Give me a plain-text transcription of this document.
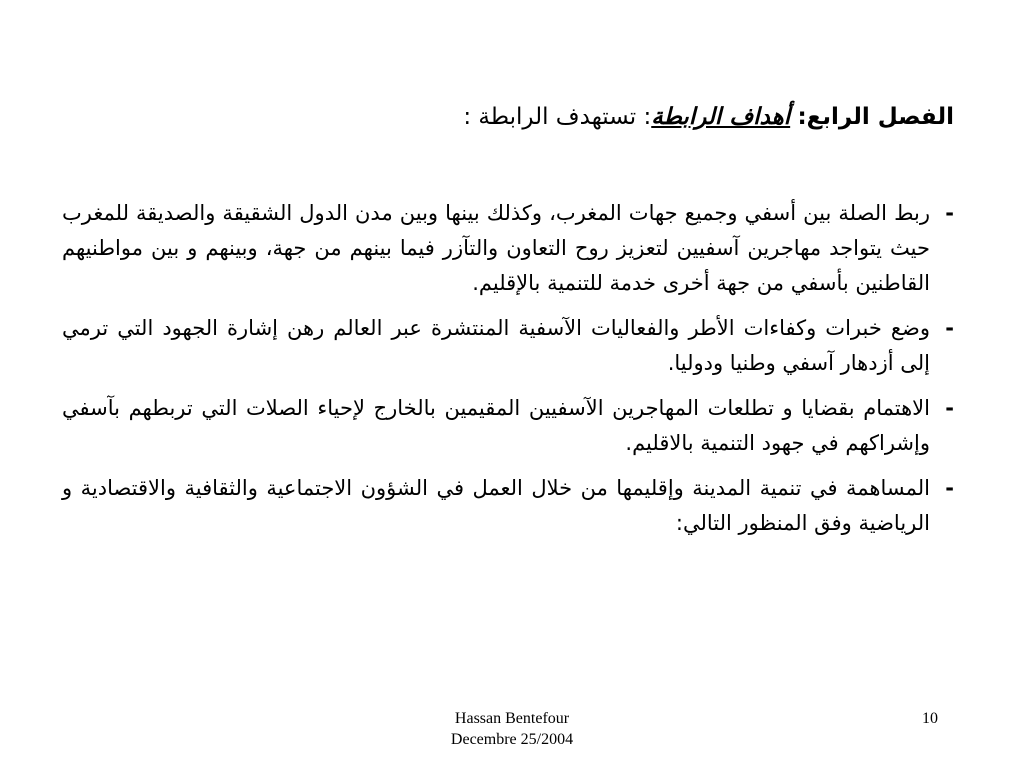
الفصل الرابع: أهداف الرابطة: تستهدف الرابطة :
-
ربط الصلة بين أسفي وجميع جهات المغرب، وكذلك بينها وبين مدن الدول الشقيقة والصديقة للمغرب حيث يتواجد مهاجرين آسفيين لتعزيز روح التعاون والتآزر فيما بينهم من جهة، وبينهم و بين مواطنيهم القاطنين بأسفي من جهة أخرى خدمة للتنمية بالإقليم.
-
وضع خبرات وكفاءات الأطر والفعاليات الآسفية المنتشرة عبر العالم رهن إشارة الجهود التي ترمي إلى أزدهار آسفي وطنيا ودوليا.
-
الاهتمام بقضايا و تطلعات المهاجرين الآسفيين المقيمين بالخارج لإحياء الصلات التي تربطهم بآسفي وإشراكهم في جهود التنمية بالاقليم.
-
المساهمة في تنمية المدينة وإقليمها من خلال العمل في الشؤون الاجتماعية والثقافية والاقتصادية و الرياضية وفق المنظور التالي:
Hassan Bentefour
Decembre 25/2004
10
